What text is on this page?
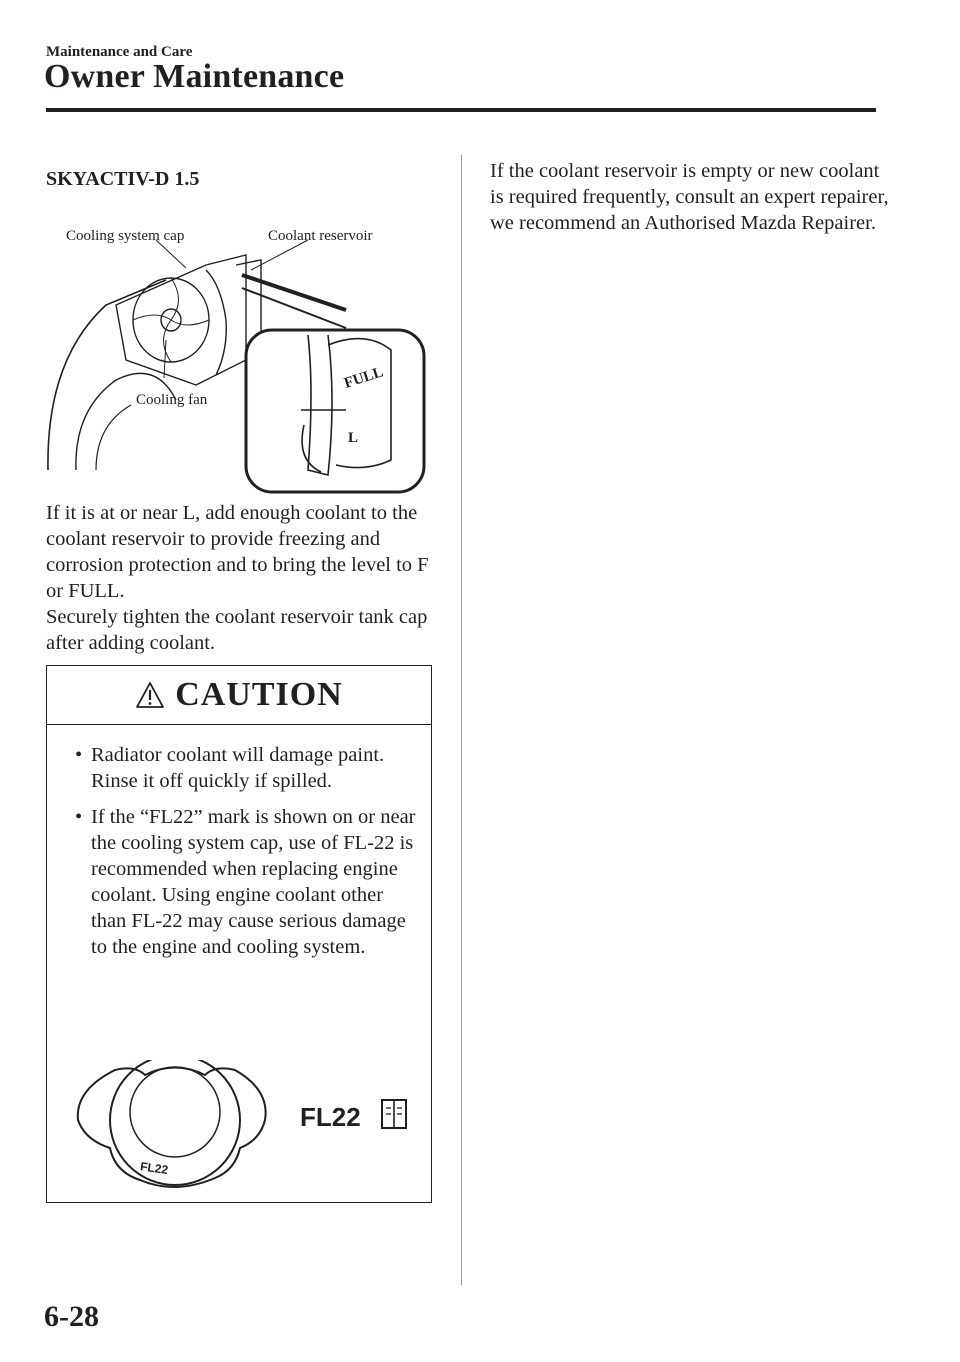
Maintenance and Care
Owner Maintenance
SKYACTIV-D 1.5
FULL
L
Cooling system cap	Coolant reservoir
Cooling fan
If it is at or near L, add enough coolant to the coolant reservoir to provide freezing and corrosion protection and to bring the level to F or FULL.
Securely tighten the coolant reservoir tank cap after adding coolant.
CAUTION
• Radiator coolant will damage paint. Rinse it off quickly if spilled.
• If the “FL22” mark is shown on or near the cooling system cap, use of FL-22 is recommended when replacing engine coolant. Using engine coolant other than FL-22 may cause serious damage to the engine and cooling system.
FL22
FL22
If the coolant reservoir is empty or new coolant is required frequently, consult an expert repairer, we recommend an Authorised Mazda Repairer.
6-28
